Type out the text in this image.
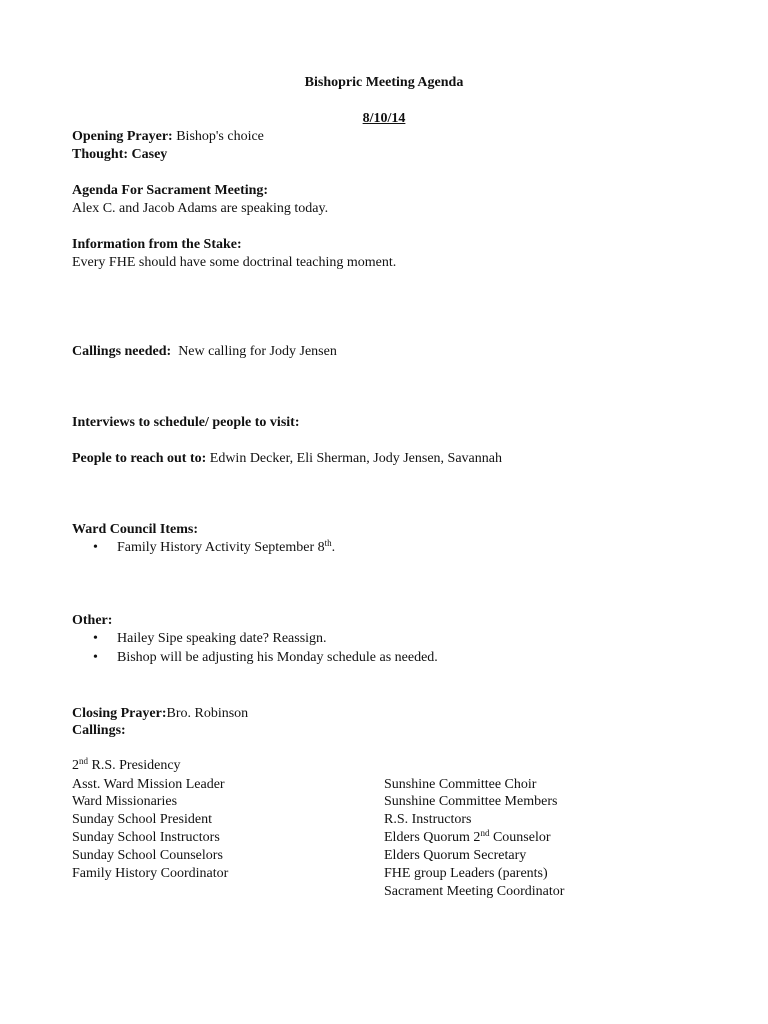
Bishopric Meeting Agenda
8/10/14
Opening Prayer: Bishop's choice
Thought: Casey
Agenda For Sacrament Meeting:
Alex C. and Jacob Adams are speaking today.
Information from the Stake:
Every FHE should have some doctrinal teaching moment.
Callings needed: New calling for Jody Jensen
Interviews to schedule/ people to visit:
People to reach out to: Edwin Decker, Eli Sherman, Jody Jensen, Savannah
Ward Council Items:
• Family History Activity September 8th.
Other:
• Hailey Sipe speaking date? Reassign.
• Bishop will be adjusting his Monday schedule as needed.
Closing Prayer:Bro. Robinson
Callings:
2nd R.S. Presidency
Asst. Ward Mission Leader
Ward Missionaries
Sunday School President
Sunday School Instructors
Sunday School Counselors
Family History Coordinator
Sunshine Committee Choir
Sunshine Committee Members
R.S. Instructors
Elders Quorum 2nd Counselor
Elders Quorum Secretary
FHE group Leaders (parents)
Sacrament Meeting Coordinator
